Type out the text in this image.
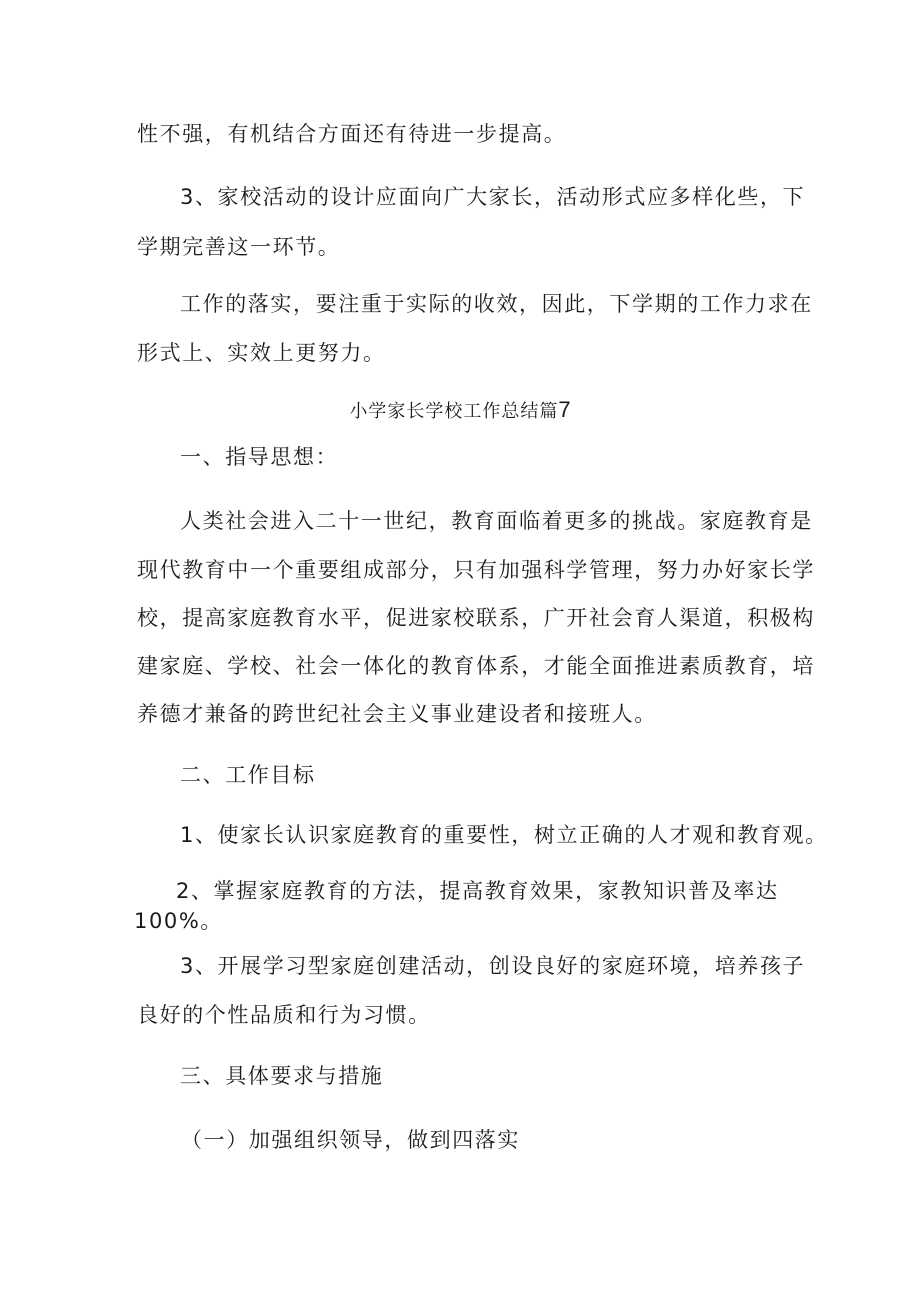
性不强，有机结合方面还有待进一步提高。
3、家校活动的设计应面向广大家长，活动形式应多样化些，下
学期完善这一环节。
工作的落实，要注重于实际的收效，因此，下学期的工作力求在
形式上、实效上更努力。
小学家长学校工作总结篇7
一、指导思想：
人类社会进入二十一世纪，教育面临着更多的挑战。家庭教育是
现代教育中一个重要组成部分，只有加强科学管理，努力办好家长学
校，提高家庭教育水平，促进家校联系，广开社会育人渠道，积极构
建家庭、学校、社会一体化的教育体系，才能全面推进素质教育，培
养德才兼备的跨世纪社会主义事业建设者和接班人。
二、工作目标
1、使家长认识家庭教育的重要性，树立正确的人才观和教育观。
2、掌握家庭教育的方法，提高教育效果，家教知识普及率达
100%。
3、开展学习型家庭创建活动，创设良好的家庭环境，培养孩子
良好的个性品质和行为习惯。
三、具体要求与措施
（一）加强组织领导，做到四落实
